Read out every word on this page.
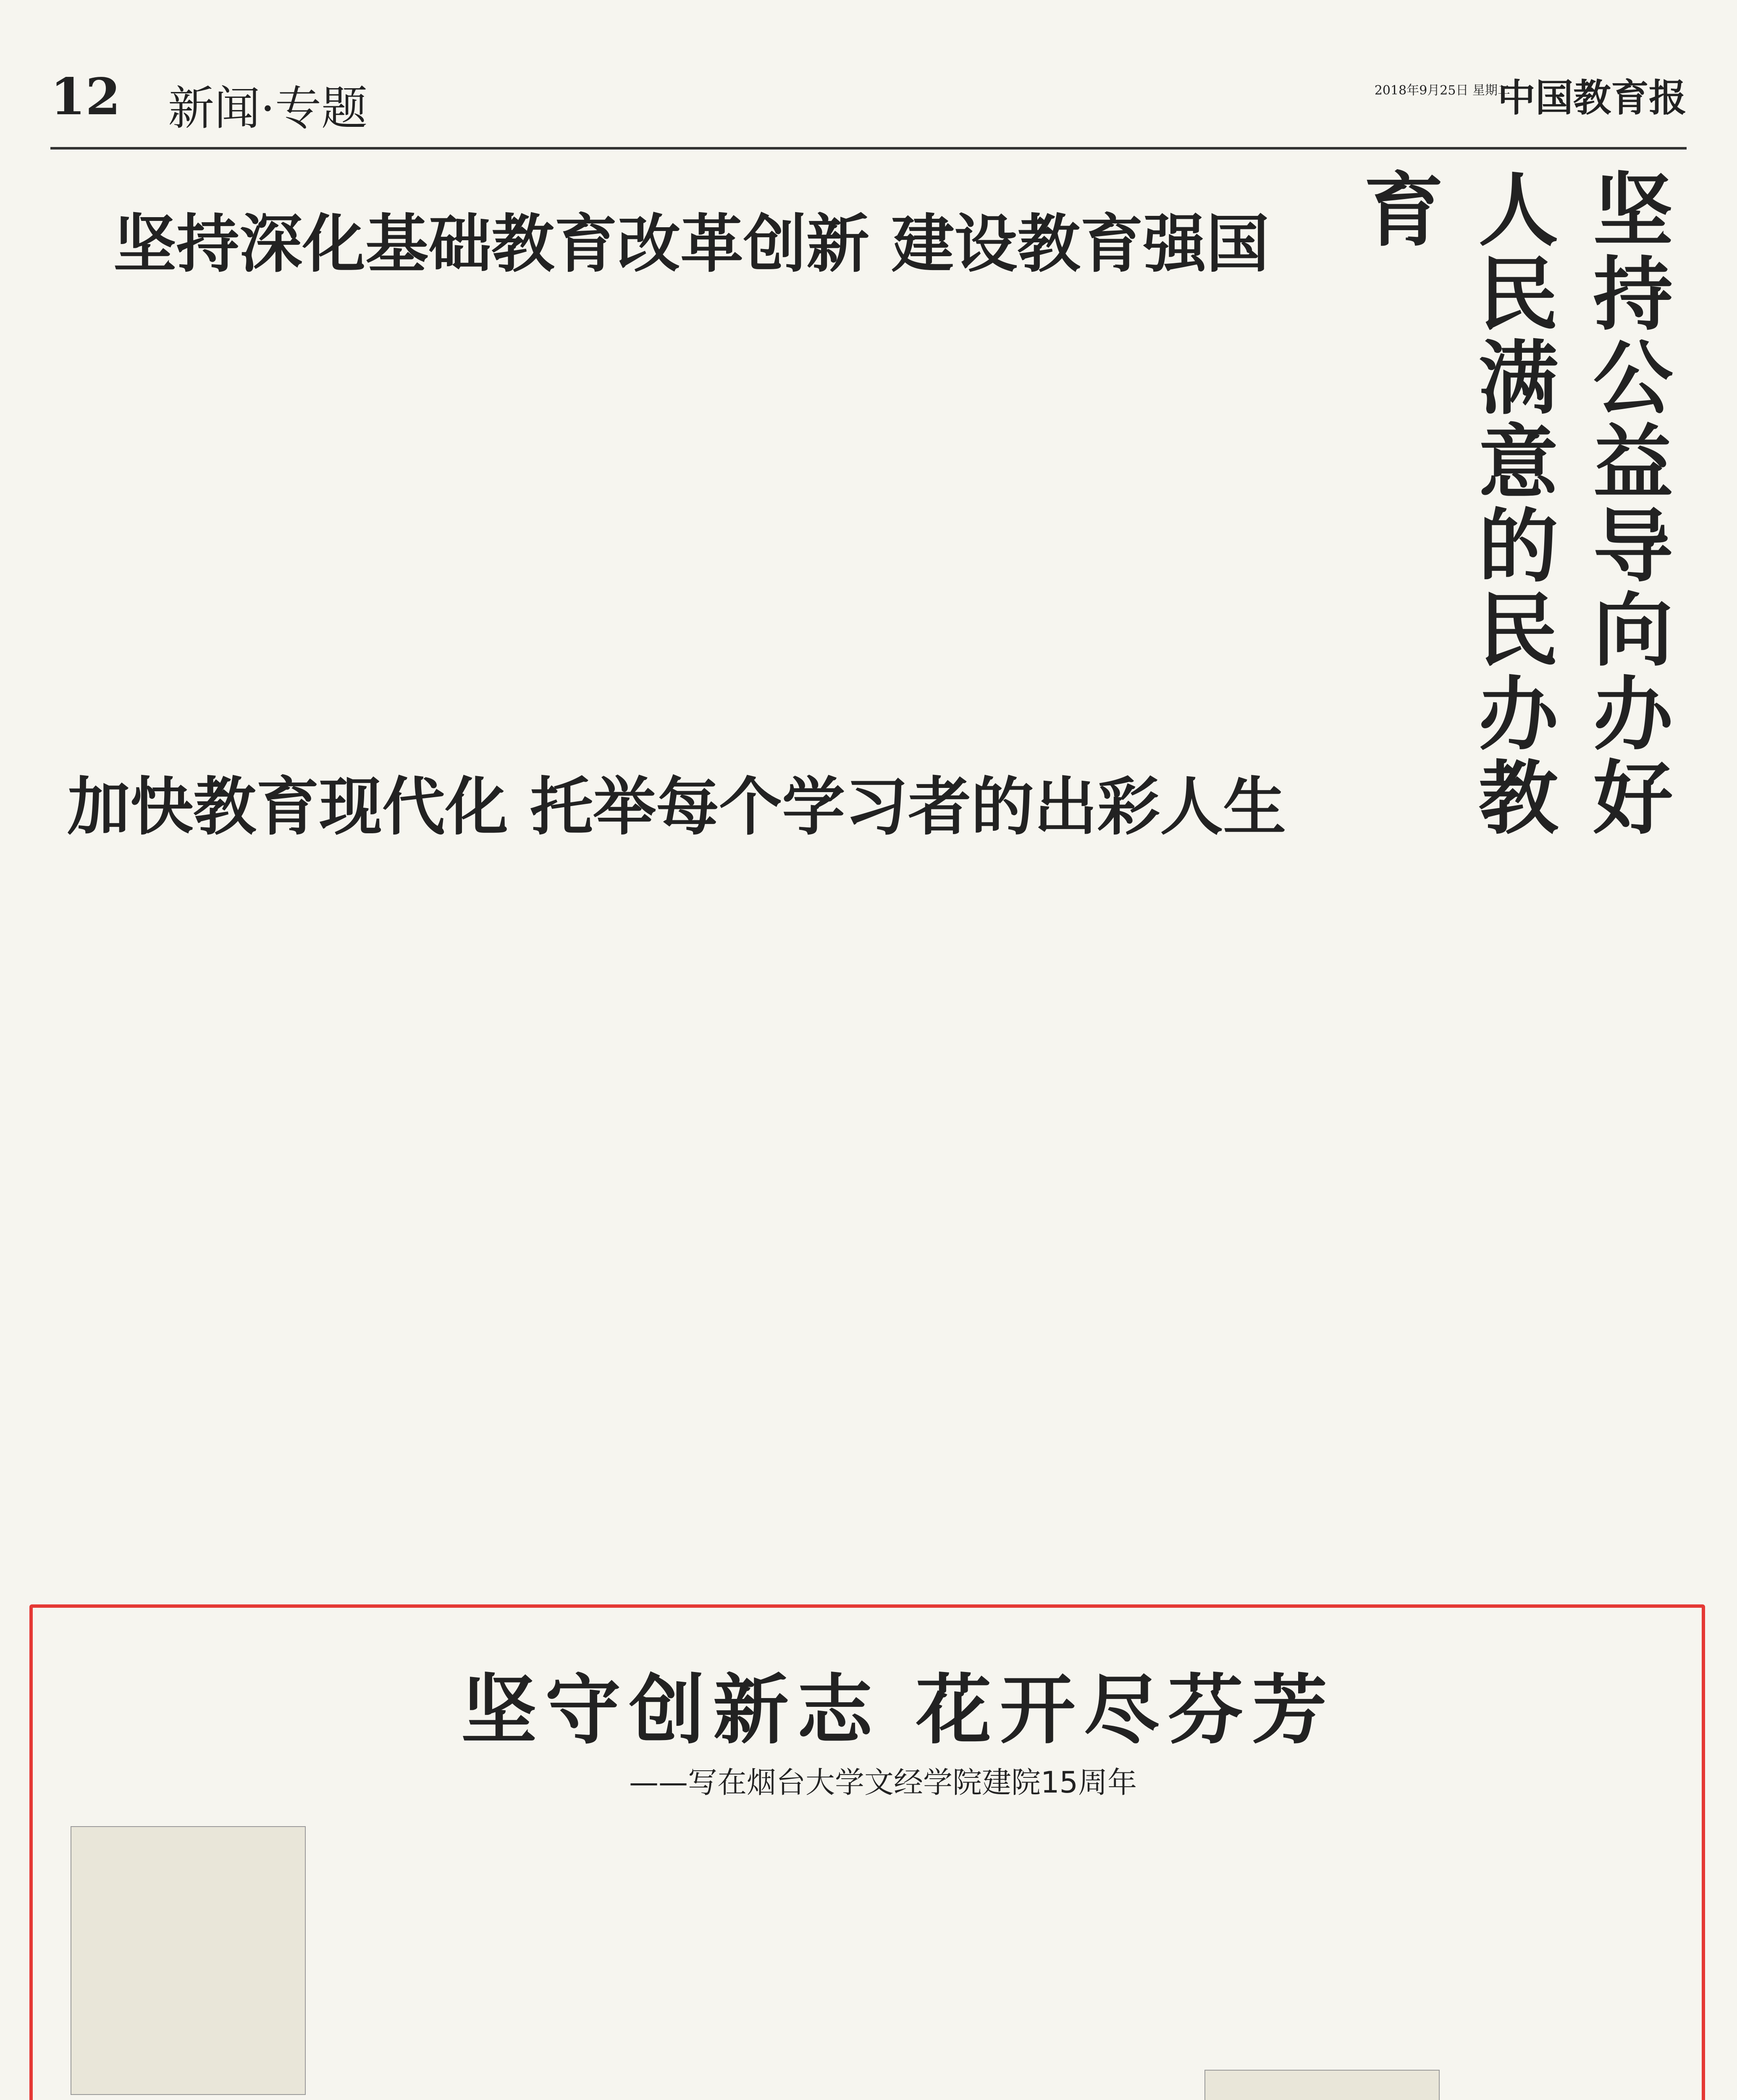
12 新闻·专题	2018年9月25日 星期二
中国教育报
坚持深化基础教育改革创新 建设教育强国
加快教育现代化 托举每个学习者的出彩人生	坚持公益导向办好人民满意的民办教育
坚守创新志 花开尽芬芳
——写在烟台大学文经学院建院15周年
